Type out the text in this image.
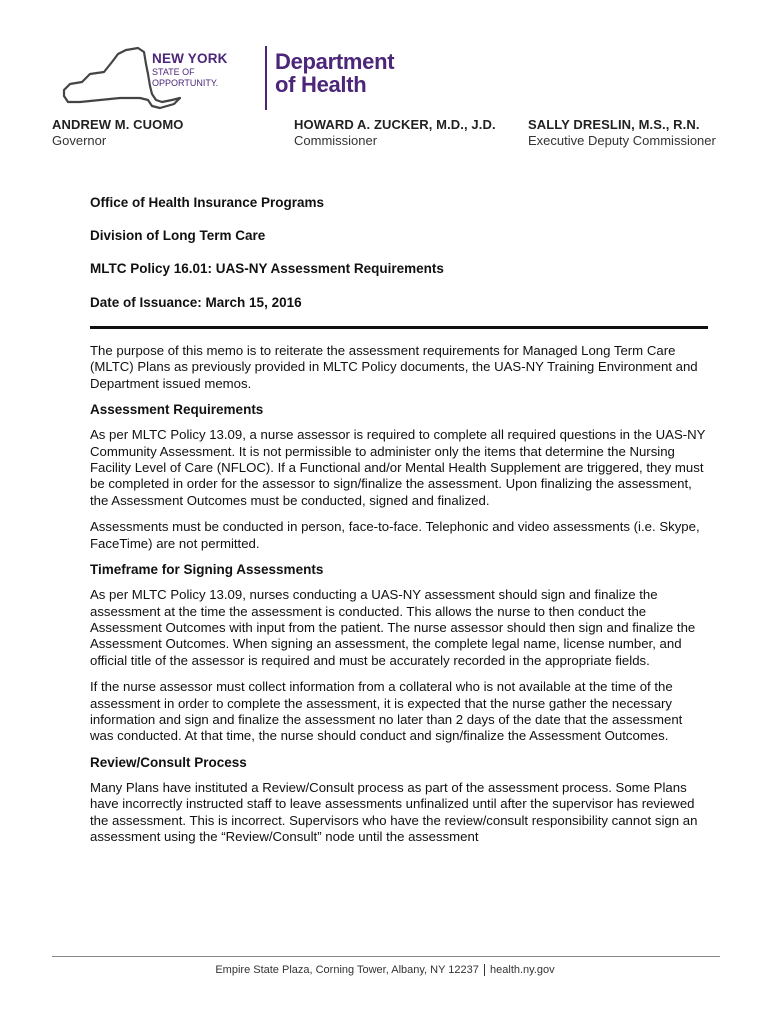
NEW YORK
STATE OF
OPPORTUNITY.
Department
of Health
ANDREW M. CUOMO
Governor
HOWARD A. ZUCKER, M.D., J.D.
Commissioner
SALLY DRESLIN, M.S., R.N.
Executive Deputy Commissioner
Office of Health Insurance Programs
Division of Long Term Care
MLTC Policy 16.01: UAS-NY Assessment Requirements
Date of Issuance: March 15, 2016

The purpose of this memo is to reiterate the assessment requirements for Managed Long Term Care (MLTC) Plans as previously provided in MLTC Policy documents, the UAS-NY Training Environment and Department issued memos.

Assessment Requirements

As per MLTC Policy 13.09, a nurse assessor is required to complete all required questions in the UAS-NY Community Assessment. It is not permissible to administer only the items that determine the Nursing Facility Level of Care (NFLOC). If a Functional and/or Mental Health Supplement are triggered, they must be completed in order for the assessor to sign/finalize the assessment. Upon finalizing the assessment, the Assessment Outcomes must be conducted, signed and finalized.

Assessments must be conducted in person, face-to-face. Telephonic and video assessments (i.e. Skype, FaceTime) are not permitted.

Timeframe for Signing Assessments

As per MLTC Policy 13.09, nurses conducting a UAS-NY assessment should sign and finalize the assessment at the time the assessment is conducted. This allows the nurse to then conduct the Assessment Outcomes with input from the patient. The nurse assessor should then sign and finalize the Assessment Outcomes. When signing an assessment, the complete legal name, license number, and official title of the assessor is required and must be accurately recorded in the appropriate fields.

If the nurse assessor must collect information from a collateral who is not available at the time of the assessment in order to complete the assessment, it is expected that the nurse gather the necessary information and sign and finalize the assessment no later than 2 days of the date that the assessment was conducted. At that time, the nurse should conduct and sign/finalize the Assessment Outcomes.

Review/Consult Process

Many Plans have instituted a Review/Consult process as part of the assessment process. Some Plans have incorrectly instructed staff to leave assessments unfinalized until after the supervisor has reviewed the assessment. This is incorrect. Supervisors who have the review/consult responsibility cannot sign an assessment using the “Review/Consult” node until the assessment

Empire State Plaza, Corning Tower, Albany, NY 12237 health.ny.gov
